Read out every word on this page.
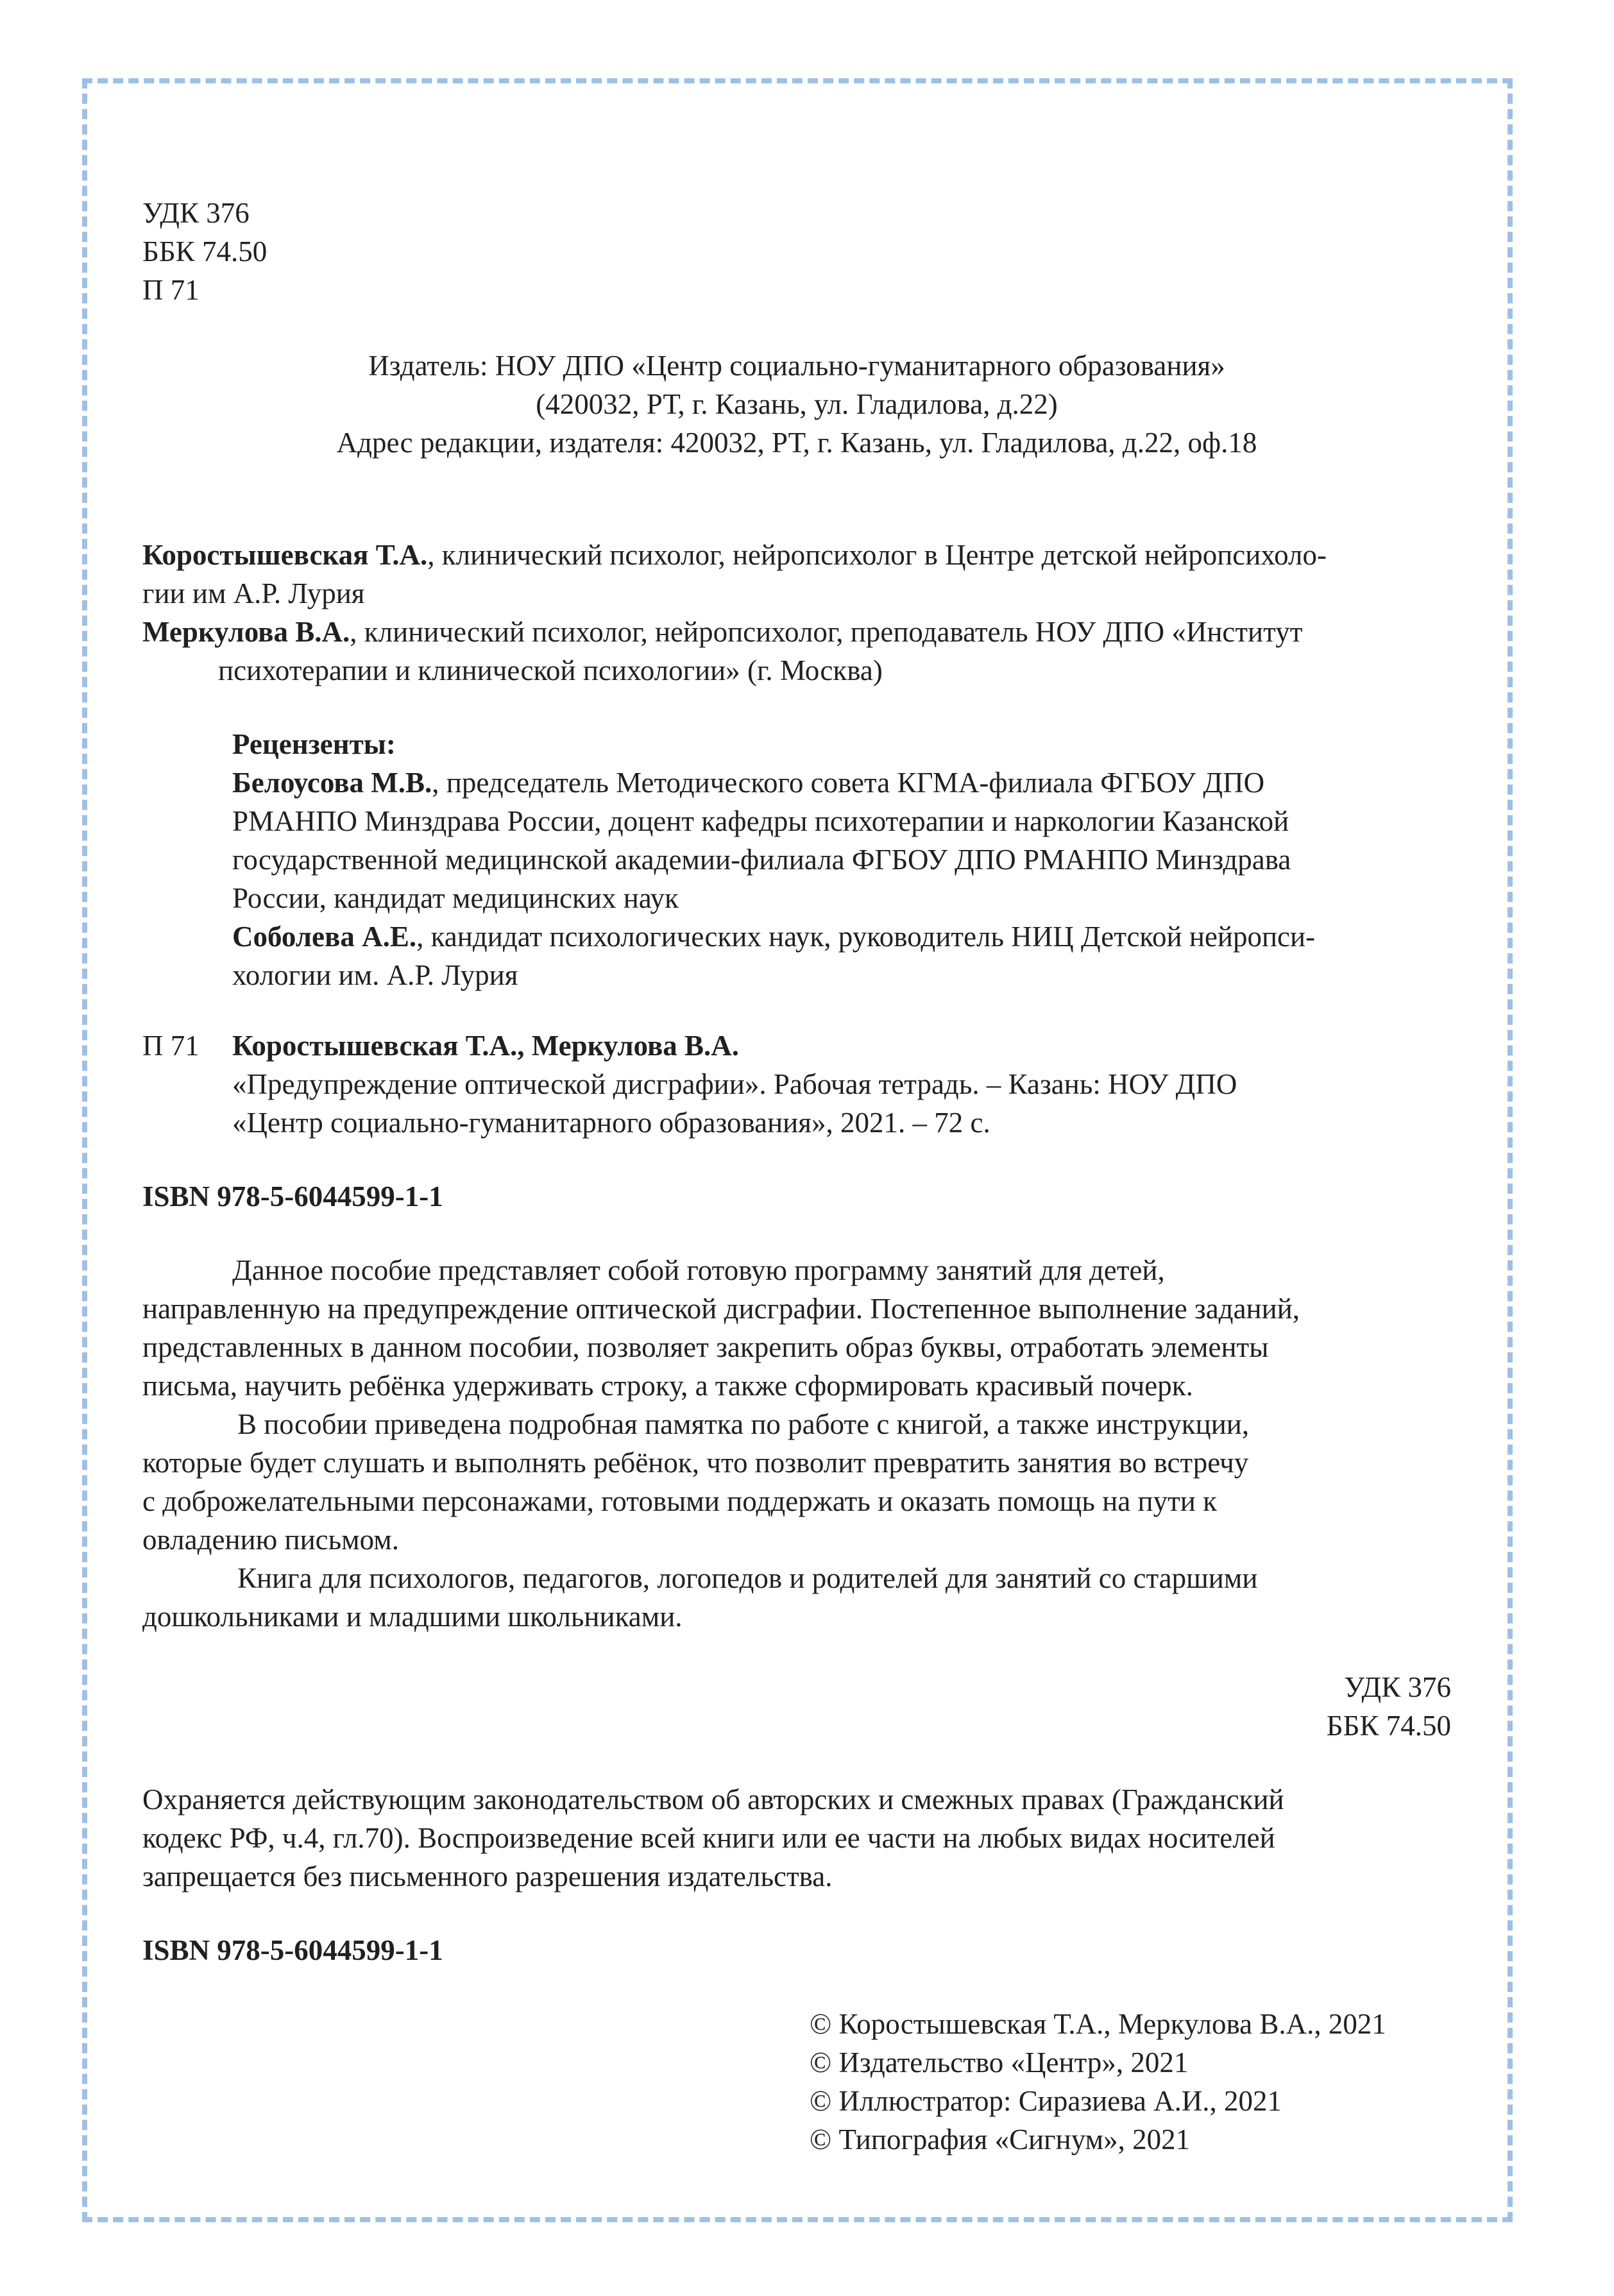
УДК 376
ББК 74.50
П 71
Издатель: НОУ ДПО «Центр социально-гуманитарного образования»
(420032, РТ, г. Казань, ул. Гладилова, д.22)
Адрес редакции, издателя: 420032, РТ, г. Казань, ул. Гладилова, д.22, оф.18
Коростышевская Т.А., клинический психолог, нейропсихолог в Центре детской нейропсихоло-
гии им А.Р. Лурия
Меркулова В.А., клинический психолог, нейропсихолог, преподаватель НОУ ДПО «Институт
психотерапии и клинической психологии» (г. Москва)
Рецензенты:
Белоусова М.В., председатель Методического совета КГМА-филиала ФГБОУ ДПО
РМАНПО Минздрава России, доцент кафедры психотерапии и наркологии Казанской
государственной медицинской академии-филиала ФГБОУ ДПО РМАНПО Минздрава
России, кандидат медицинских наук
Соболева А.Е., кандидат психологических наук, руководитель НИЦ Детской нейропси-
хологии им. А.Р. Лурия
П 71 Коростышевская Т.А., Меркулова В.А.
«Предупреждение оптической дисграфии». Рабочая тетрадь. – Казань: НОУ ДПО
«Центр социально-гуманитарного образования», 2021. – 72 с.
ISBN 978-5-6044599-1-1
Данное пособие представляет собой готовую программу занятий для детей,
направленную на предупреждение оптической дисграфии. Постепенное выполнение заданий,
представленных в данном пособии, позволяет закрепить образ буквы, отработать элементы
письма, научить ребёнка удерживать строку, а также сформировать красивый почерк.
В пособии приведена подробная памятка по работе с книгой, а также инструкции,
которые будет слушать и выполнять ребёнок, что позволит превратить занятия во встречу
с доброжелательными персонажами, готовыми поддержать и оказать помощь на пути к
овладению письмом.
Книга для психологов, педагогов, логопедов и родителей для занятий со старшими
дошкольниками и младшими школьниками.
УДК 376
ББК 74.50
Охраняется действующим законодательством об авторских и смежных правах (Гражданский
кодекс РФ, ч.4, гл.70). Воспроизведение всей книги или ее части на любых видах носителей
запрещается без письменного разрешения издательства.
ISBN 978-5-6044599-1-1
© Коростышевская Т.А., Меркулова В.А., 2021
© Издательство «Центр», 2021
© Иллюстратор: Сиразиева А.И., 2021
© Типография «Сигнум», 2021
